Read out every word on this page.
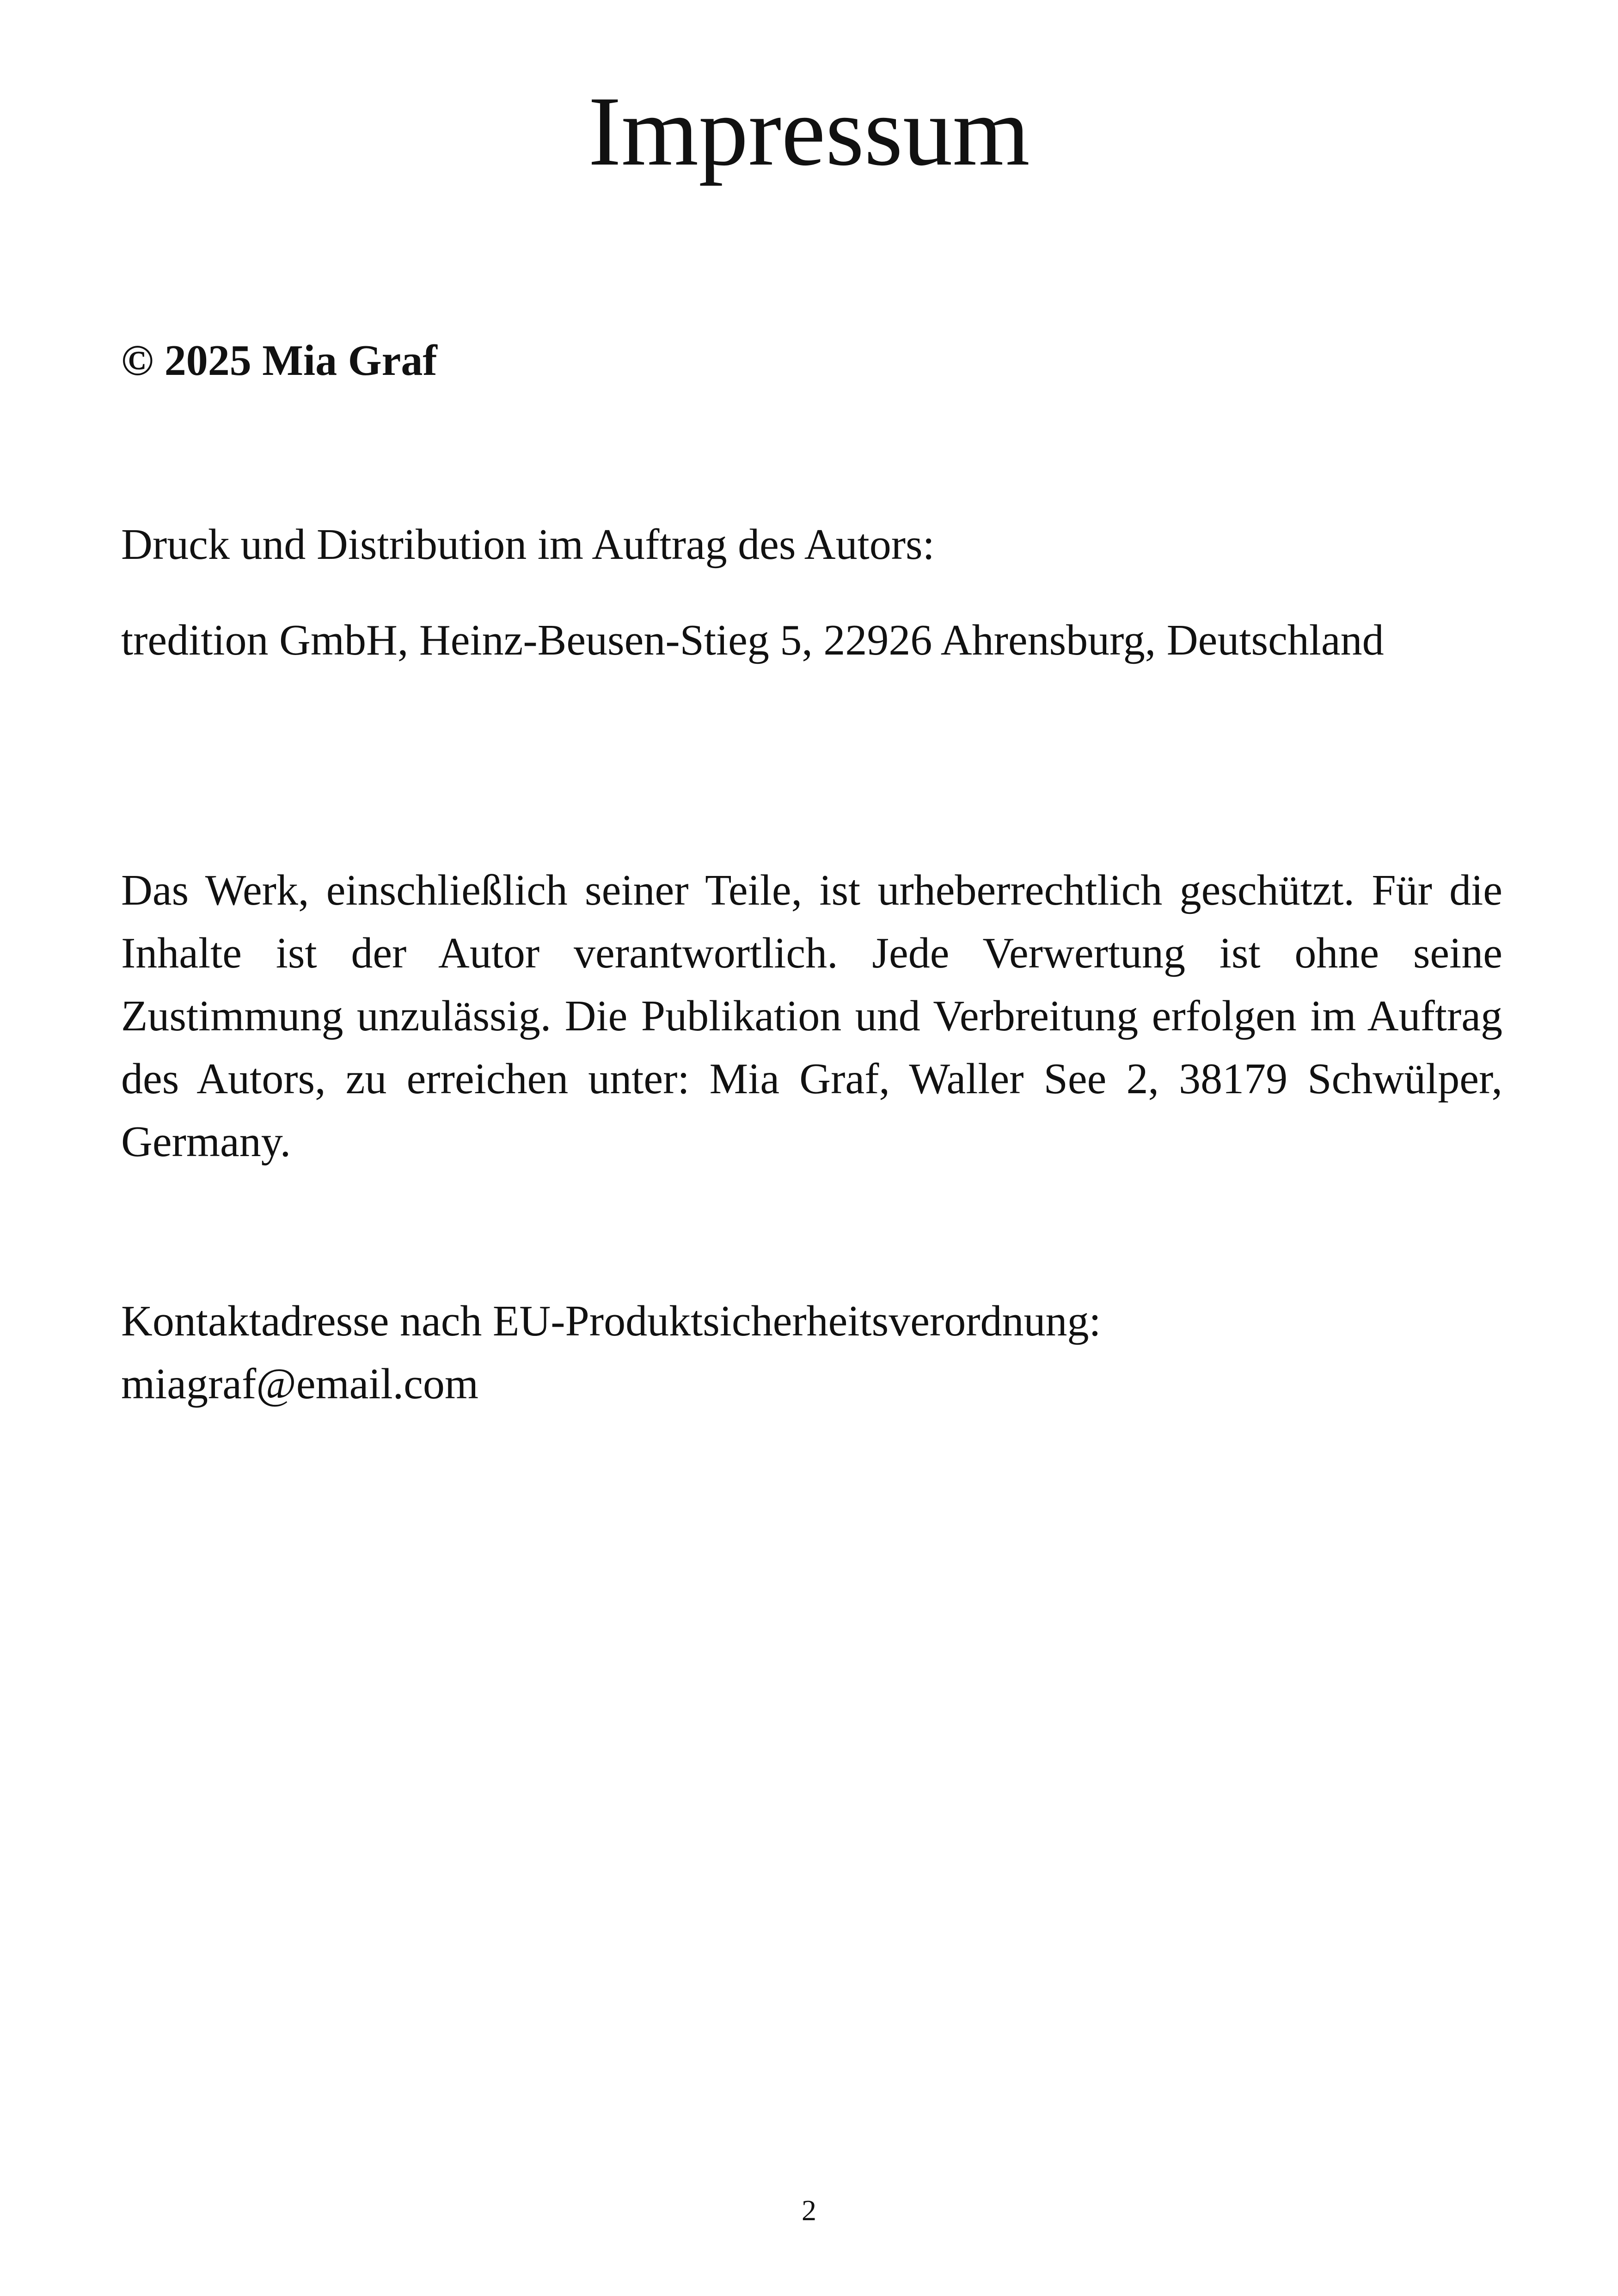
Impressum
© 2025 Mia Graf
Druck und Distribution im Auftrag des Autors:
tredition GmbH, Heinz-Beusen-Stieg 5, 22926 Ahrensburg, Deutschland
Das Werk, einschließlich seiner Teile, ist urheberrechtlich geschützt. Für die Inhalte ist der Autor verantwortlich. Jede Verwertung ist ohne seine Zustimmung unzulässig. Die Publikation und Verbreitung erfolgen im Auftrag des Autors, zu erreichen unter: Mia Graf, Waller See 2, 38179 Schwülper, Germany.
Kontaktadresse nach EU-Produktsicherheitsverordnung:
miagraf@email.com
2
